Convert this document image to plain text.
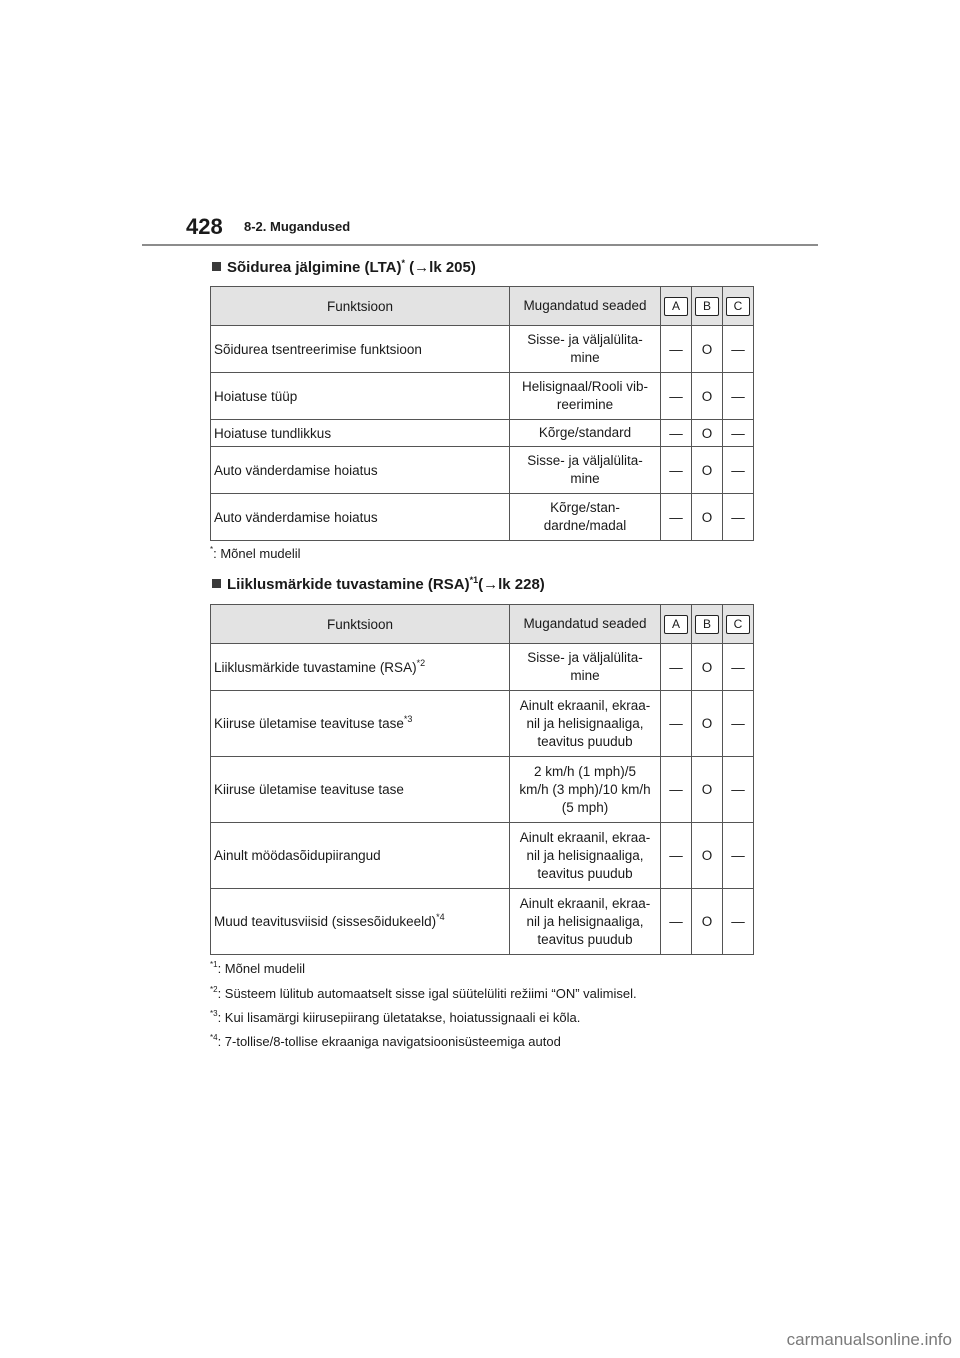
428 8-2. Mugandused
Sõidurea jälgimine (LTA)* (→lk 205)
Funktsioon	Mugandatud seaded	A	B	C
Sõidurea tsentreerimise funktsioon	Sisse- ja väljalülita-
mine	—	O	—
Hoiatuse tüüp	Helisignaal/Rooli vib-
reerimine	—	O	—
Hoiatuse tundlikkus	Kõrge/standard	—	O	—
Auto vänderdamise hoiatus	Sisse- ja väljalülita-
mine	—	O	—
Auto vänderdamise hoiatus	Kõrge/stan-
dardne/madal	—	O	—
*: Mõnel mudelil
Liiklusmärkide tuvastamine (RSA)$^{*1}$(→lk 228)
Funktsioon	Mugandatud seaded	A	B	C
Liiklusmärkide tuvastamine (RSA)$^{*2}$	Sisse- ja väljalülita-
mine	—	O	—
Kiiruse ületamise teavituse tase$^{*3}$	Ainult ekraanil, ekraa-
nil ja helisignaaliga,
teavitus puudub	—	O	—
Kiiruse ületamise teavituse tase	2 km/h (1 mph)/5
km/h (3 mph)/10 km/h
(5 mph)	—	O	—
Ainult möödasõidupiirangud	Ainult ekraanil, ekraa-
nil ja helisignaaliga,
teavitus puudub	—	O	—
Muud teavitusviisid (sissesõidukeeld)$^{*4}$	Ainult ekraanil, ekraa-
nil ja helisignaaliga,
teavitus puudub	—	O	—
$^{*1}$: Mõnel mudelil
$^{*2}$: Süsteem lülitub automaatselt sisse igal süütelüliti režiimi “ON” valimisel.
$^{*3}$: Kui lisamärgi kiirusepiirang ületatakse, hoiatussignaali ei kõla.
$^{*4}$: 7-tollise/8-tollise ekraaniga navigatsioonisüsteemiga autod
carmanualsonline.info
